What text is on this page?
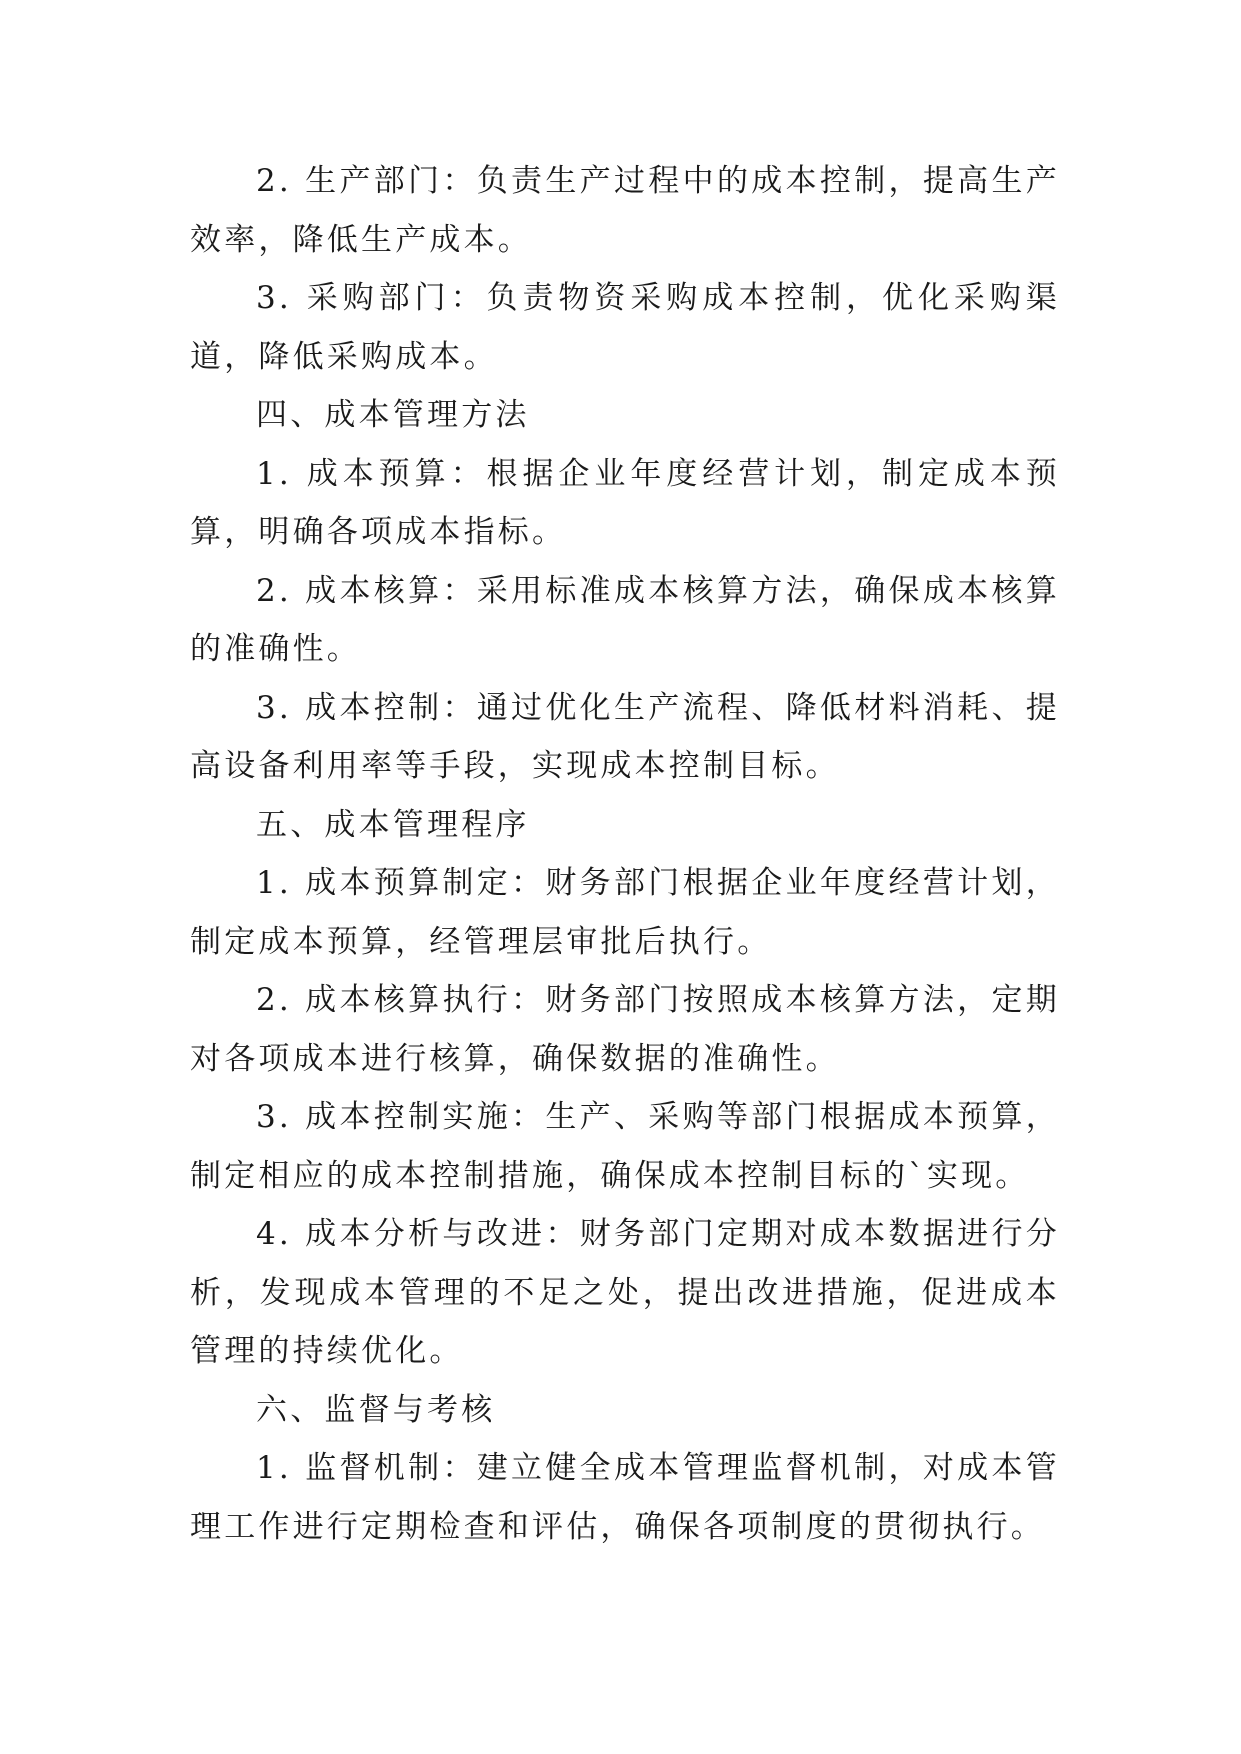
2. 生产部门：负责生产过程中的成本控制，提高生产效率，降低生产成本。

3. 采购部门：负责物资采购成本控制，优化采购渠道，降低采购成本。

四、成本管理方法

1. 成本预算：根据企业年度经营计划，制定成本预算，明确各项成本指标。

2. 成本核算：采用标准成本核算方法，确保成本核算的准确性。

3. 成本控制：通过优化生产流程、降低材料消耗、提高设备利用率等手段，实现成本控制目标。

五、成本管理程序

1. 成本预算制定：财务部门根据企业年度经营计划，制定成本预算，经管理层审批后执行。

2. 成本核算执行：财务部门按照成本核算方法，定期对各项成本进行核算，确保数据的准确性。

3. 成本控制实施：生产、采购等部门根据成本预算，制定相应的成本控制措施，确保成本控制目标的`实现。

4. 成本分析与改进：财务部门定期对成本数据进行分析，发现成本管理的不足之处，提出改进措施，促进成本管理的持续优化。

六、监督与考核

1. 监督机制：建立健全成本管理监督机制，对成本管理工作进行定期检查和评估，确保各项制度的贯彻执行。
